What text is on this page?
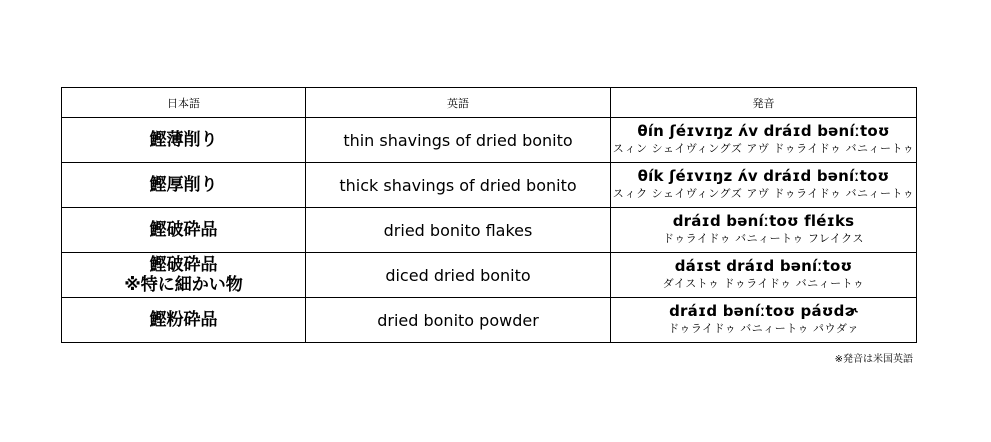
日本語	英語	発音

鰹薄削り	thin shavings of dried bonito	θín ʃéɪvɪŋz ʌ́v dráɪd bəníːtoʊ
スィン シェイヴィングズ アヴ ドゥライドゥ バニィートゥ

鰹厚削り	thick shavings of dried bonito	θík ʃéɪvɪŋz ʌ́v dráɪd bəníːtoʊ
スィク シェイヴィングズ アヴ ドゥライドゥ バニィートゥ

鰹破砕品	dried bonito flakes	dráɪd bəníːtoʊ fléɪks
ドゥライドゥ バニィートゥ フレイクス

鰹破砕品
※特に細かい物	diced dried bonito	dáɪst dráɪd bəníːtoʊ
ダイストゥ ドゥライドゥ バニィートゥ

鰹粉砕品	dried bonito powder	dráɪd bəníːtoʊ páʊdɚ
ドゥライドゥ バニィートゥ パウダァ
※発音は米国英語
